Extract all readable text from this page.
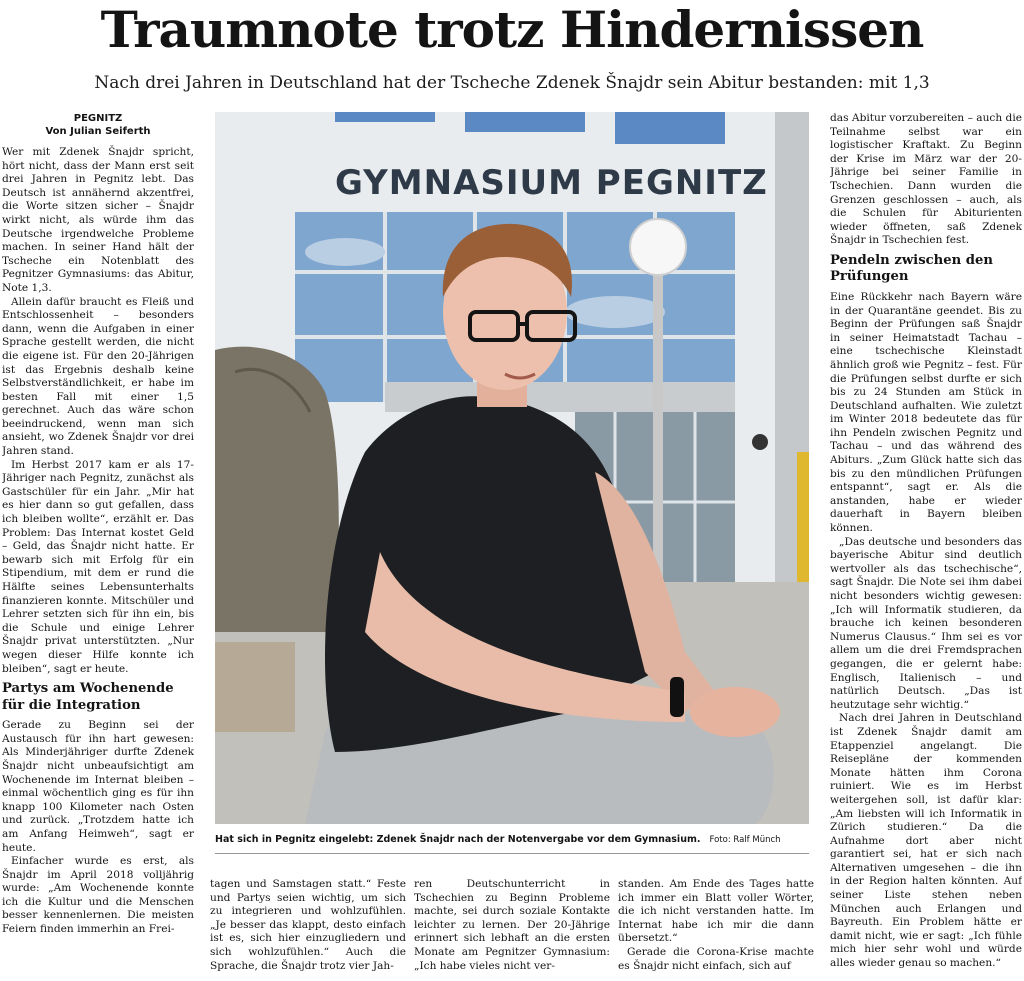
Traumnote trotz Hindernissen
Nach drei Jahren in Deutschland hat der Tscheche Zdenek Šnajdr sein Abitur bestanden: mit 1,3
PEGNITZ
Von Julian Seiferth

Wer mit Zdenek Šnajdr spricht, hört nicht, dass der Mann erst seit drei Jahren in Pegnitz lebt. Das Deutsch ist annähernd akzentfrei, die Worte sitzen sicher – Šnajdr wirkt nicht, als würde ihm das Deutsche irgendwelche Probleme machen. In seiner Hand hält der Tscheche ein Notenblatt des Pegnitzer Gymnasiums: das Abitur, Note 1,3.

Allein dafür braucht es Fleiß und Entschlossenheit – besonders dann, wenn die Aufgaben in einer Sprache gestellt werden, die nicht die eigene ist. Für den 20-Jährigen ist das Ergebnis deshalb keine Selbstverständlichkeit, er habe im besten Fall mit einer 1,5 gerechnet. Auch das wäre schon beeindruckend, wenn man sich ansieht, wo Zdenek Šnajdr vor drei Jahren stand.

Im Herbst 2017 kam er als 17-Jähriger nach Pegnitz, zunächst als Gastschüler für ein Jahr. „Mir hat es hier dann so gut gefallen, dass ich bleiben wollte“, erzählt er. Das Problem: Das Internat kostet Geld – Geld, das Šnajdr nicht hatte. Er bewarb sich mit Erfolg für ein Stipendium, mit dem er rund die Hälfte seines Lebensunterhalts finanzieren konnte. Mitschüler und Lehrer setzten sich für ihn ein, bis die Schule und einige Lehrer Šnajdr privat unterstützten. „Nur wegen dieser Hilfe konnte ich bleiben“, sagt er heute.

Partys am Wochenende für die Integration

Gerade zu Beginn sei der Austausch für ihn hart gewesen: Als Minderjähriger durfte Zdenek Šnajdr nicht unbeaufsichtigt am Wochenende im Internat bleiben – einmal wöchentlich ging es für ihn knapp 100 Kilometer nach Osten und zurück. „Trotzdem hatte ich am Anfang Heimweh“, sagt er heute.

Einfacher wurde es erst, als Šnajdr im April 2018 volljährig wurde: „Am Wochenende konnte ich die Kultur und die Menschen besser kennenlernen. Die meisten Feiern finden immerhin an Frei-

GYMNASIUM PEGNITZ
Hat sich in Pegnitz eingelebt: Zdenek Šnajdr nach der Notenvergabe vor dem Gymnasium. Foto: Ralf Münch

tagen und Samstagen statt.“ Feste und Partys seien wichtig, um sich zu integrieren und wohlzufühlen. „Je besser das klappt, desto einfach ist es, sich hier einzugliedern und sich wohlzufühlen.“ Auch die Sprache, die Šnajdr trotz vier Jah-

ren Deutschunterricht in Tschechien zu Beginn Probleme machte, sei durch soziale Kontakte leichter zu lernen. Der 20-Jährige erinnert sich lebhaft an die ersten Monate am Pegnitzer Gymnasium: „Ich habe vieles nicht ver-

standen. Am Ende des Tages hatte ich immer ein Blatt voller Wörter, die ich nicht verstanden hatte. Im Internat habe ich mir die dann übersetzt.“

Gerade die Corona-Krise machte es Šnajdr nicht einfach, sich auf

das Abitur vorzubereiten – auch die Teilnahme selbst war ein logistischer Kraftakt. Zu Beginn der Krise im März war der 20-Jährige bei seiner Familie in Tschechien. Dann wurden die Grenzen geschlossen – auch, als die Schulen für Abiturienten wieder öffneten, saß Zdenek Šnajdr in Tschechien fest.

Pendeln zwischen den Prüfungen

Eine Rückkehr nach Bayern wäre in der Quarantäne geendet. Bis zu Beginn der Prüfungen saß Šnajdr in seiner Heimatstadt Tachau – eine tschechische Kleinstadt ähnlich groß wie Pegnitz – fest. Für die Prüfungen selbst durfte er sich bis zu 24 Stunden am Stück in Deutschland aufhalten. Wie zuletzt im Winter 2018 bedeutete das für ihn Pendeln zwischen Pegnitz und Tachau – und das während des Abiturs. „Zum Glück hatte sich das bis zu den mündlichen Prüfungen entspannt“, sagt er. Als die anstanden, habe er wieder dauerhaft in Bayern bleiben können.

„Das deutsche und besonders das bayerische Abitur sind deutlich wertvoller als das tschechische“, sagt Šnajdr. Die Note sei ihm dabei nicht besonders wichtig gewesen: „Ich will Informatik studieren, da brauche ich keinen besonderen Numerus Clausus.“ Ihm sei es vor allem um die drei Fremdsprachen gegangen, die er gelernt habe: Englisch, Italienisch – und natürlich Deutsch. „Das ist heutzutage sehr wichtig.“

Nach drei Jahren in Deutschland ist Zdenek Šnajdr damit am Etappenziel angelangt. Die Reisepläne der kommenden Monate hätten ihm Corona ruiniert. Wie es im Herbst weitergehen soll, ist dafür klar: „Am liebsten will ich Informatik in Zürich studieren.“ Da die Aufnahme dort aber nicht garantiert sei, hat er sich nach Alternativen umgesehen – die ihn in der Region halten könnten. Auf seiner Liste stehen neben München auch Erlangen und Bayreuth. Ein Problem hätte er damit nicht, wie er sagt: „Ich fühle mich hier sehr wohl und würde alles wieder genau so machen.“
